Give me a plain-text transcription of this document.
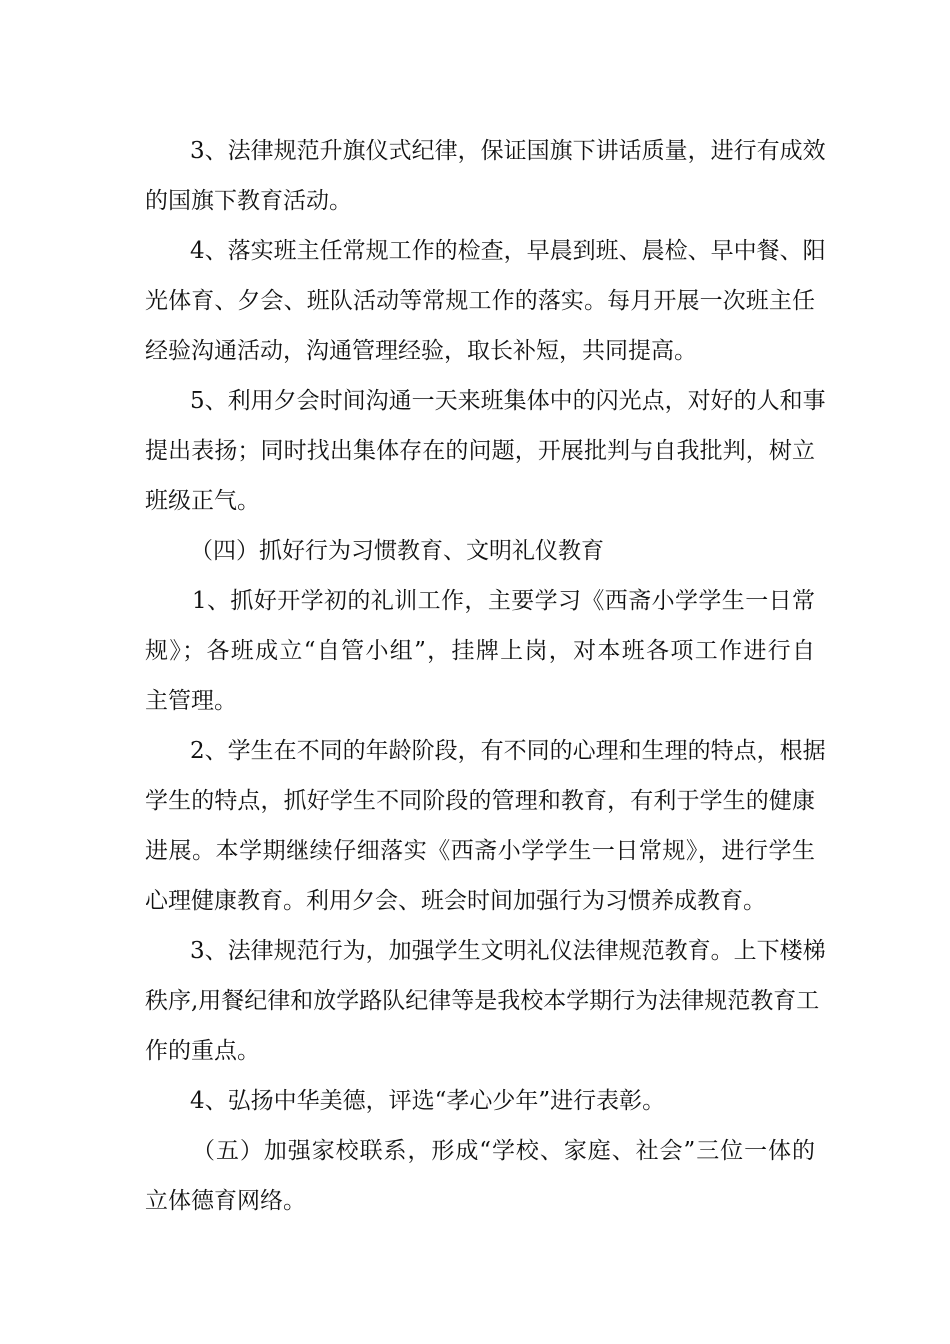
3、法律规范升旗仪式纪律，保证国旗下讲话质量，进行有成效
的国旗下教育活动。
4、落实班主任常规工作的检查，早晨到班、晨检、早中餐、阳
光体育、夕会、班队活动等常规工作的落实。每月开展一次班主任
经验沟通活动，沟通管理经验，取长补短，共同提高。
5、利用夕会时间沟通一天来班集体中的闪光点，对好的人和事
提出表扬；同时找出集体存在的问题，开展批判与自我批判，树立
班级正气。
（四）抓好行为习惯教育、文明礼仪教育
1、抓好开学初的礼训工作，主要学习《西斋小学学生一日常
规》；各班成立“自管小组”，挂牌上岗，对本班各项工作进行自
主管理。
2、学生在不同的年龄阶段，有不同的心理和生理的特点，根据
学生的特点，抓好学生不同阶段的管理和教育，有利于学生的健康
进展。本学期继续仔细落实《西斋小学学生一日常规》，进行学生
心理健康教育。利用夕会、班会时间加强行为习惯养成教育。
3、法律规范行为，加强学生文明礼仪法律规范教育。上下楼梯
秩序,用餐纪律和放学路队纪律等是我校本学期行为法律规范教育工
作的重点。
4、弘扬中华美德，评选“孝心少年”进行表彰。
（五）加强家校联系，形成“学校、家庭、社会”三位一体的
立体德育网络。
